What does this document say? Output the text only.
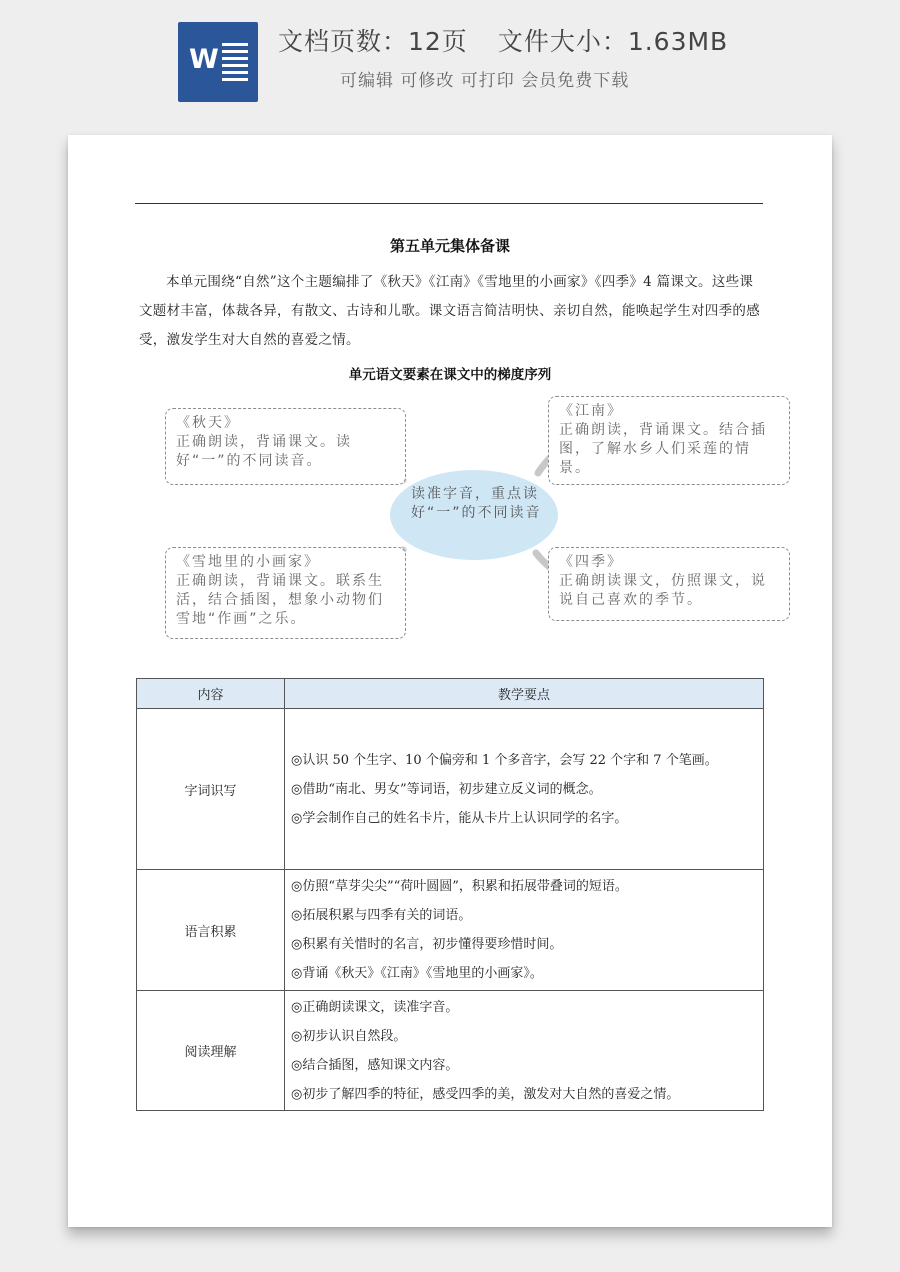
W
文档页数：12页 文件大小：1.63MB
可编辑 可修改 可打印 会员免费下载
第五单元集体备课

本单元围绕“自然”这个主题编排了《秋天》《江南》《雪地里的小画家》《四季》4 篇课文。这些课文题材丰富，体裁各异，有散文、古诗和儿歌。课文语言简洁明快、亲切自然，能唤起学生对四季的感受，激发学生对大自然的喜爱之情。

单元语文要素在课文中的梯度序列
《秋天》
正确朗读，背诵课文。读好“一”的不同读音。
《江南》
正确朗读，背诵课文。结合插图，了解水乡人们采莲的情景。
《雪地里的小画家》
正确朗读，背诵课文。联系生活，结合插图，想象小动物们雪地“作画”之乐。
《四季》
正确朗读课文，仿照课文，说说自己喜欢的季节。
读准字音，重点读好“一”的不同读音
内容	教学要点
字词识写	◎认识 50 个生字、10 个偏旁和 1 个多音字，会写 22 个字和 7 个笔画。
◎借助“南北、男女”等词语，初步建立反义词的概念。
◎学会制作自己的姓名卡片，能从卡片上认识同学的名字。

语言积累	◎仿照“草芽尖尖”“荷叶圆圆”，积累和拓展带叠词的短语。
◎拓展积累与四季有关的词语。
◎积累有关惜时的名言，初步懂得要珍惜时间。
◎背诵《秋天》《江南》《雪地里的小画家》。

阅读理解	◎正确朗读课文，读准字音。
◎初步认识自然段。
◎结合插图，感知课文内容。
◎初步了解四季的特征，感受四季的美，激发对大自然的喜爱之情。
